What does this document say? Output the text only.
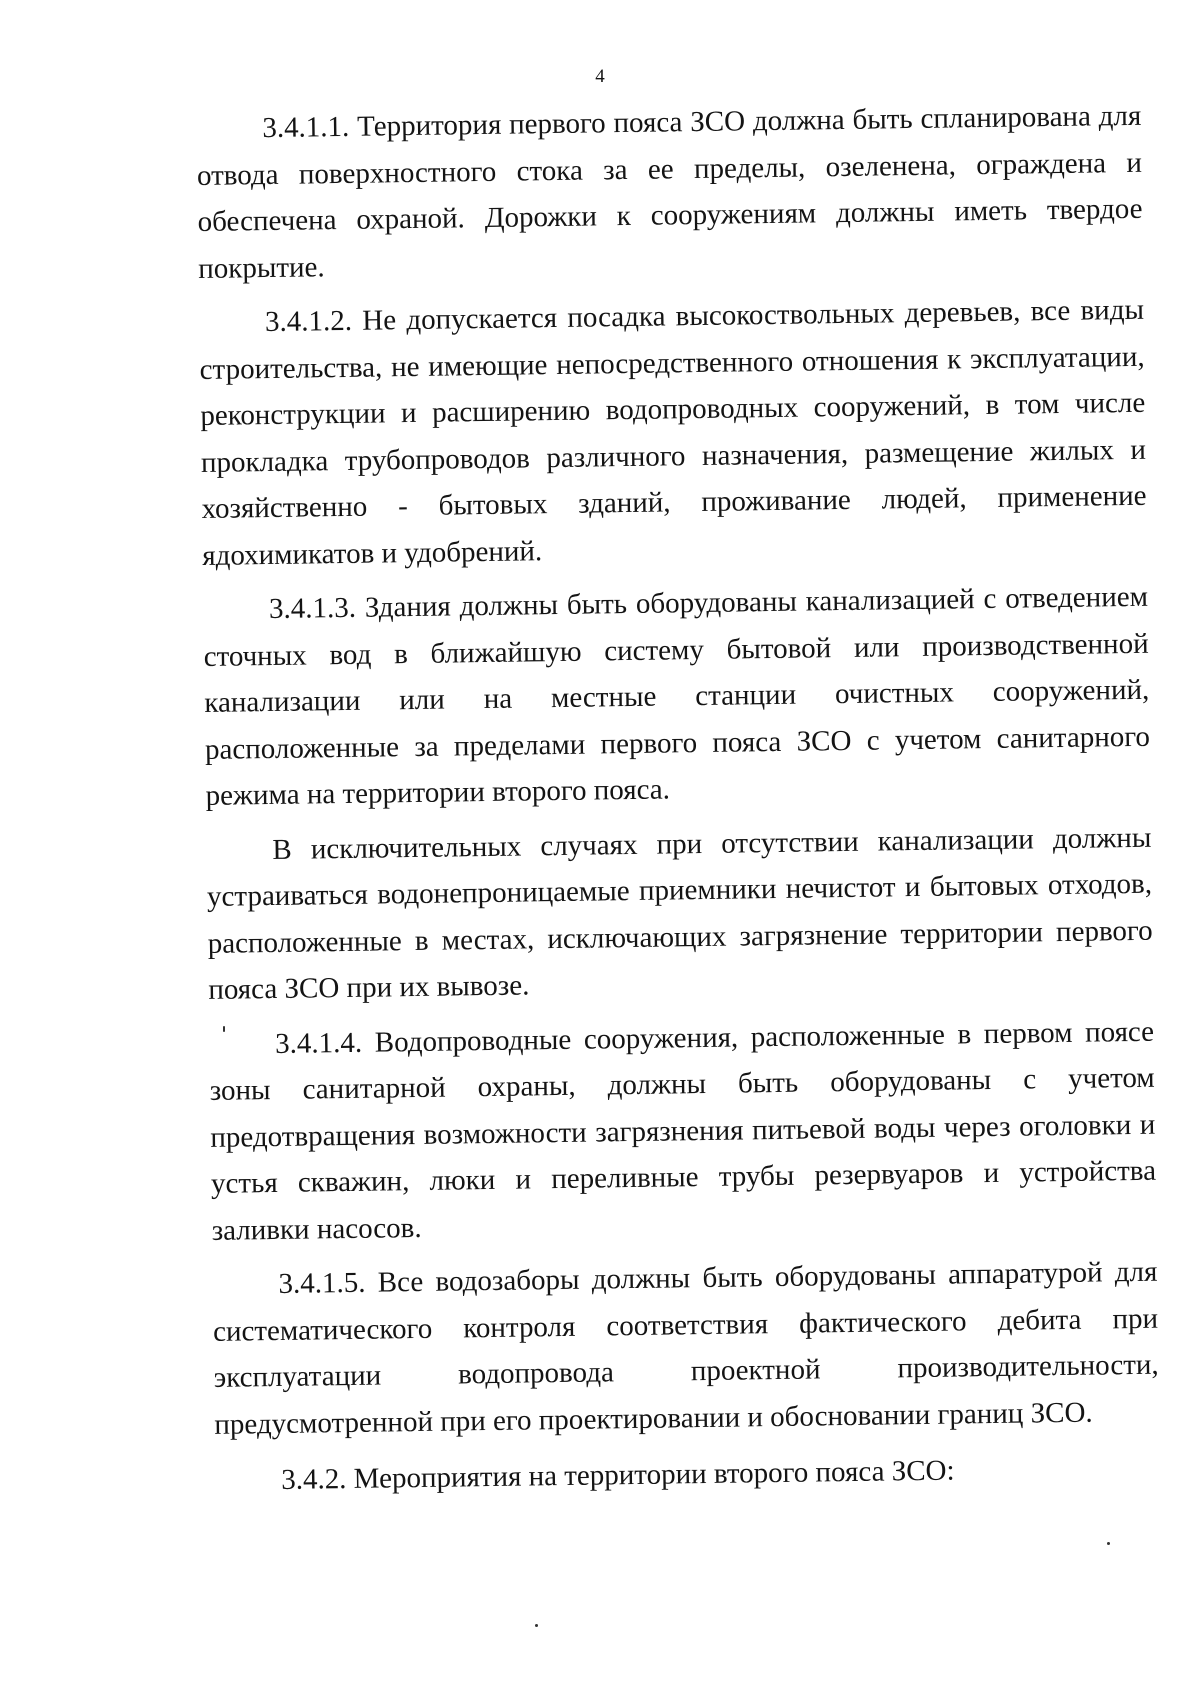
4

3.4.1.1. Территория первого пояса ЗСО должна быть спланирована для отвода поверхностного стока за ее пределы, озеленена, ограждена и обеспечена охраной. Дорожки к сооружениям должны иметь твердое покрытие.

3.4.1.2. Не допускается посадка высокоствольных деревьев, все виды строительства, не имеющие непосредственного отношения к эксплуатации, реконструкции и расширению водопроводных сооружений, в том числе прокладка трубопроводов различного назначения, размещение жилых и хозяйственно - бытовых зданий, проживание людей, применение ядохимикатов и удобрений.

3.4.1.3. Здания должны быть оборудованы канализацией с отведением сточных вод в ближайшую систему бытовой или производственной канализации или на местные станции очистных сооружений, расположенные за пределами первого пояса ЗСО с учетом санитарного режима на территории второго пояса.

В исключительных случаях при отсутствии канализации должны устраиваться водонепроницаемые приемники нечистот и бытовых отходов, расположенные в местах, исключающих загрязнение территории первого пояса ЗСО при их вывозе.

3.4.1.4. Водопроводные сооружения, расположенные в первом поясе зоны санитарной охраны, должны быть оборудованы с учетом предотвращения возможности загрязнения питьевой воды через оголовки и устья скважин, люки и переливные трубы резервуаров и устройства заливки насосов.

3.4.1.5. Все водозаборы должны быть оборудованы аппаратурой для систематического контроля соответствия фактического дебита при эксплуатации водопровода проектной производительности, предусмотренной при его проектировании и обосновании границ ЗСО.

3.4.2. Мероприятия на территории второго пояса ЗСО:
